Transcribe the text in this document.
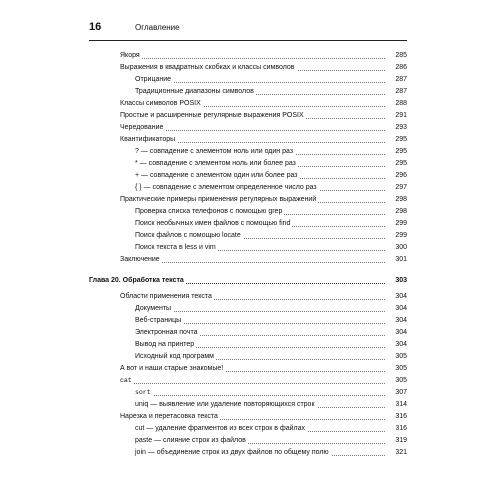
16	Оглавление
Якоря	285
Выражения в квадратных скобках и классы символов	286
Отрицание	287
Традиционные диапазоны символов	287
Классы символов POSIX	288
Простые и расширенные регулярные выражения POSIX	291
Чередование	293
Квантификаторы	295
? — совпадение с элементом ноль или один раз	295
* — совпадение с элементом ноль или более раз	295
+ — совпадение с элементом один или более раз	296
{ } — совпадение с элементом определенное число раз	297
Практические примеры применения регулярных выражений	298
Проверка списка телефонов с помощью grep	298
Поиск необычных имен файлов с помощью find	299
Поиск файлов с помощью locate	299
Поиск текста в less и vim	300
Заключение	301
Глава 20. Обработка текста	303
Области применения текста	304
Документы	304
Веб-страницы	304
Электронная почта	304
Вывод на принтер	304
Исходный код программ	305
А вот и наши старые знакомые!	305
cat	305
sort	307
uniq — выявление или удаление повторяющихся строк	314
Нарезка и перетасовка текста	316
cut — удаление фрагментов из всех строк в файлах	316
paste — слияние строк из файлов	319
join — объединение строк из двух файлов по общему полю	321
